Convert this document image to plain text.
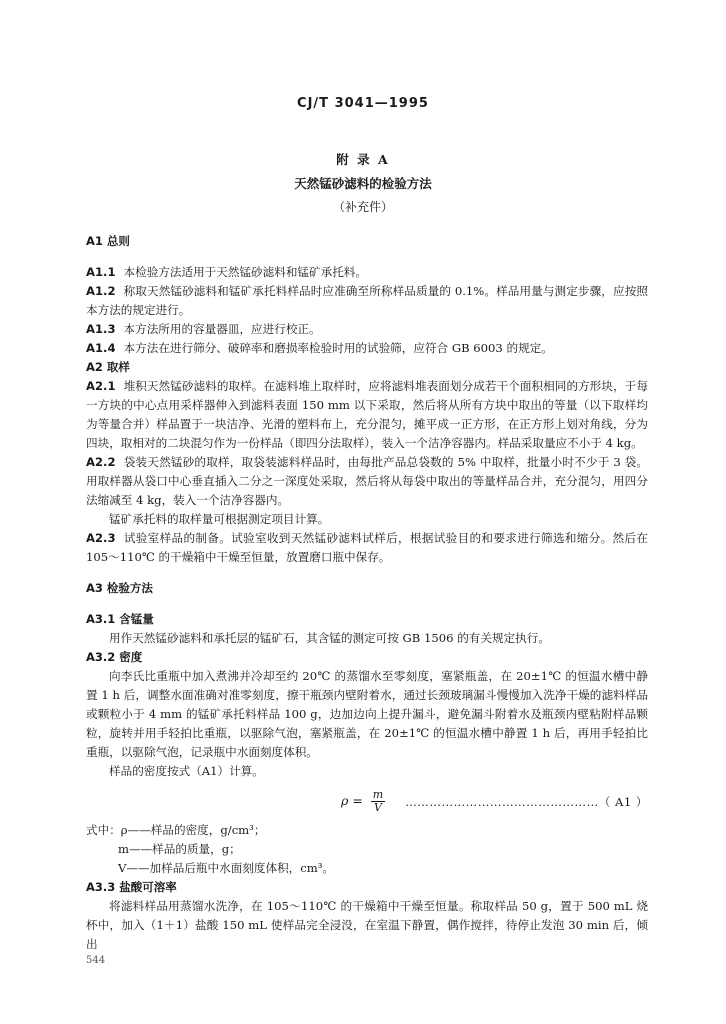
CJ/T 3041—1995
附 录 A
天然锰砂滤料的检验方法
（补充件）
A1 总则
A1.1 本检验方法适用于天然锰砂滤料和锰矿承托料。
A1.2 称取天然锰砂滤料和锰矿承托料样品时应准确至所称样品质量的 0.1%。样品用量与测定步骤，应按照本方法的规定进行。
A1.3 本方法所用的容量器皿，应进行校正。
A1.4 本方法在进行筛分、破碎率和磨损率检验时用的试验筛，应符合 GB 6003 的规定。
A2 取样
A2.1 堆积天然锰砂滤料的取样。在滤料堆上取样时，应将滤料堆表面划分成若干个面积相同的方形块，于每一方块的中心点用采样器伸入到滤料表面 150 mm 以下采取，然后将从所有方块中取出的等量（以下取样均为等量合并）样品置于一块洁净、光滑的塑料布上，充分混匀，摊平成一正方形，在正方形上划对角线，分为四块，取相对的二块混匀作为一份样品（即四分法取样），装入一个洁净容器内。样品采取量应不小于 4 kg。
A2.2 袋装天然锰砂的取样，取袋装滤料样品时，由每批产品总袋数的 5% 中取样，批量小时不少于 3 袋。用取样器从袋口中心垂直插入二分之一深度处采取，然后将从每袋中取出的等量样品合并，充分混匀，用四分法缩减至 4 kg，装入一个洁净容器内。
锰矿承托料的取样量可根据测定项目计算。
A2.3 试验室样品的制备。试验室收到天然锰砂滤料试样后，根据试验目的和要求进行筛选和缩分。然后在 105～110℃ 的干燥箱中干燥至恒量，放置磨口瓶中保存。
A3 检验方法
A3.1 含锰量
用作天然锰砂滤料和承托层的锰矿石，其含锰的测定可按 GB 1506 的有关规定执行。
A3.2 密度
向李氏比重瓶中加入煮沸并冷却至约 20℃ 的蒸馏水至零刻度，塞紧瓶盖，在 20±1℃ 的恒温水槽中静置 1 h 后，调整水面准确对准零刻度，擦干瓶颈内壁附着水，通过长颈玻璃漏斗慢慢加入洗净干燥的滤料样品或颗粒小于 4 mm 的锰矿承托料样品 100 g，边加边向上提升漏斗，避免漏斗附着水及瓶颈内壁粘附样品颗粒，旋转并用手轻拍比重瓶，以驱除气泡，塞紧瓶盖，在 20±1℃ 的恒温水槽中静置 1 h 后，再用手轻拍比重瓶，以驱除气泡，记录瓶中水面刻度体积。
样品的密度按式（A1）计算。
$\rho = \frac{m}{V}$ …………………………………………（ A1 ）
式中：ρ——样品的密度，g/cm³；
m——样品的质量，g；
V——加样品后瓶中水面刻度体积，cm³。
A3.3 盐酸可溶率
将滤料样品用蒸馏水洗净，在 105～110℃ 的干燥箱中干燥至恒量。称取样品 50 g，置于 500 mL 烧杯中，加入（1＋1）盐酸 150 mL 使样品完全浸没，在室温下静置，偶作搅拌，待停止发泡 30 min 后，倾出
544
